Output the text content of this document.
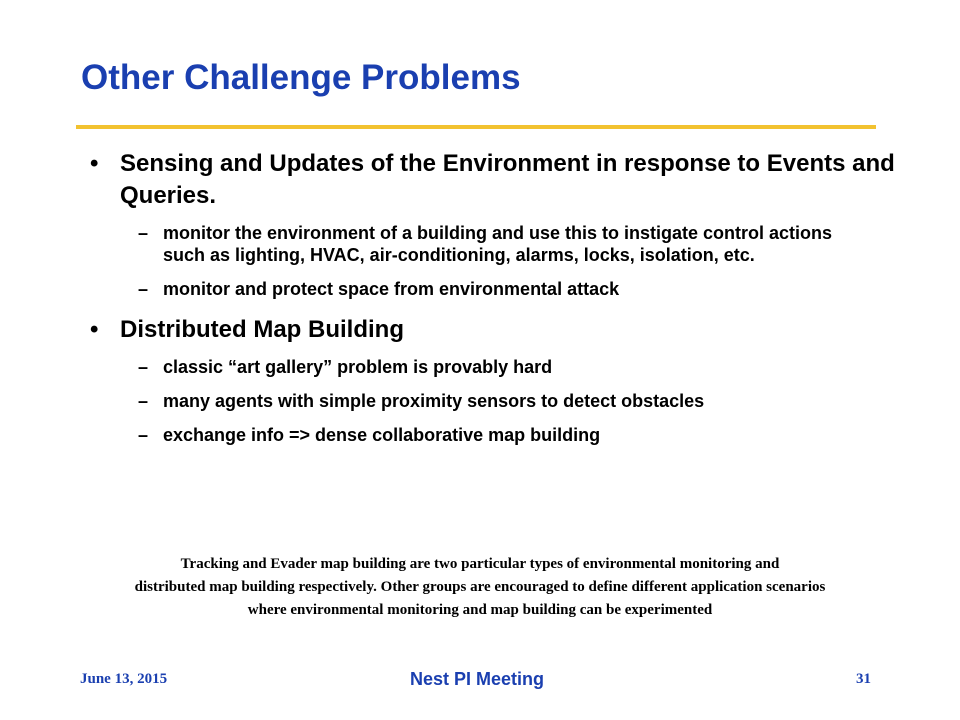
Other Challenge Problems
• Sensing and Updates of the Environment in response to Events and Queries.
– monitor the environment of a building and use this to instigate control actions such as lighting, HVAC, air-conditioning, alarms, locks, isolation, etc.
– monitor and protect space from environmental attack
• Distributed Map Building
– classic “art gallery” problem is provably hard
– many agents with simple proximity sensors to detect obstacles
– exchange info => dense collaborative map building
Tracking and Evader map building are two particular types of environmental monitoring and
distributed map building respectively. Other groups are encouraged to define different application scenarios
where environmental monitoring and map building can be experimented
June 13, 2015	Nest PI Meeting	31
